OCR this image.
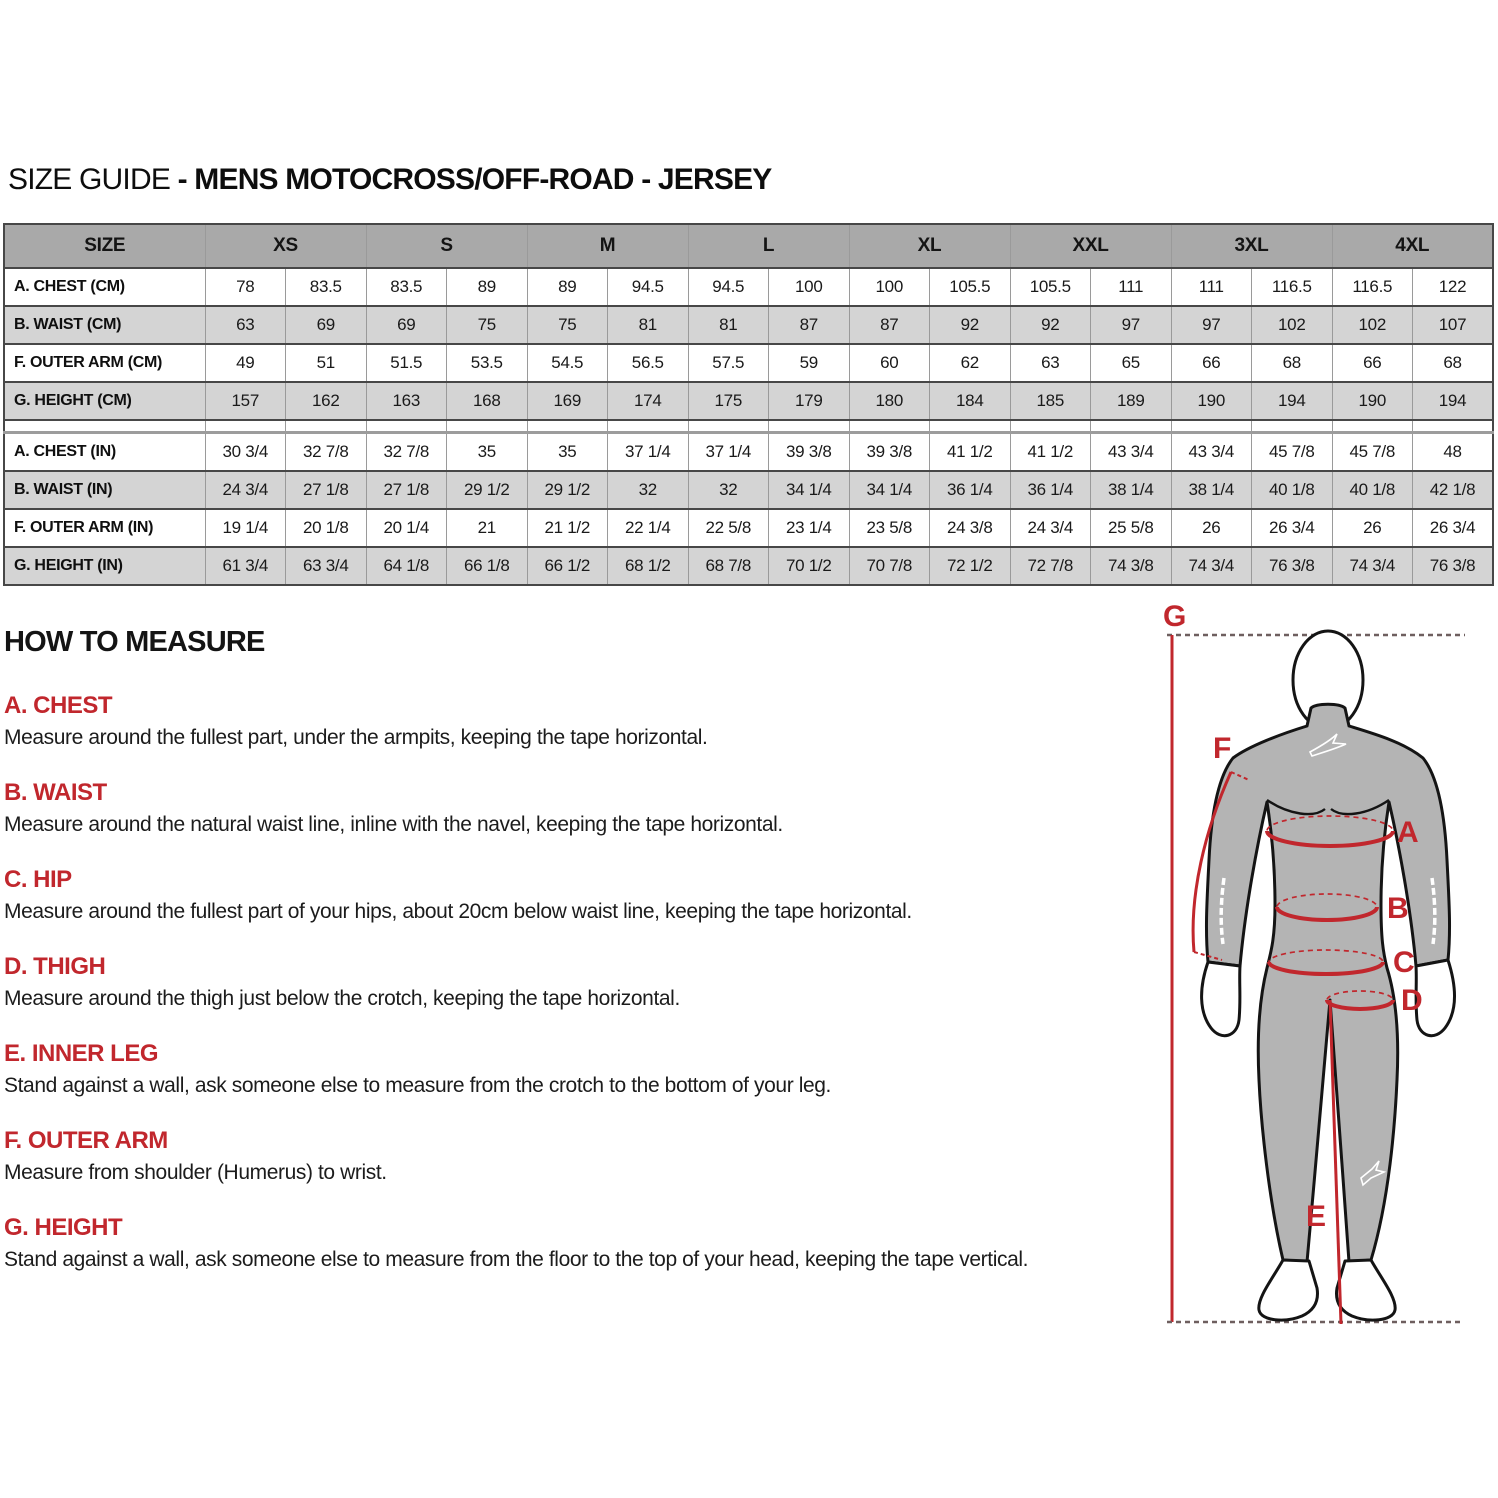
SIZE GUIDE - MENS MOTOCROSS/OFF-ROAD - JERSEY
SIZE	XS		S		M		L		XL		XXL		3XL		4XL	
A. CHEST (CM)	78	83.5	83.5	89	89	94.5	94.5	100	100	105.5	105.5	111	111	116.5	116.5	122
B. WAIST (CM)	63	69	69	75	75	81	81	87	87	92	92	97	97	102	102	107
F. OUTER ARM (CM)	49	51	51.5	53.5	54.5	56.5	57.5	59	60	62	63	65	66	68	66	68
G. HEIGHT (CM)	157	162	163	168	169	174	175	179	180	184	185	189	190	194	190	194

A. CHEST (IN)	30 3/4	32 7/8	32 7/8	35	35	37 1/4	37 1/4	39 3/8	39 3/8	41 1/2	41 1/2	43 3/4	43 3/4	45 7/8	45 7/8	48
B. WAIST (IN)	24 3/4	27 1/8	27 1/8	29 1/2	29 1/2	32	32	34 1/4	34 1/4	36 1/4	36 1/4	38 1/4	38 1/4	40 1/8	40 1/8	42 1/8
F. OUTER ARM (IN)	19 1/4	20 1/8	20 1/4	21	21 1/2	22 1/4	22 5/8	23 1/4	23 5/8	24 3/8	24 3/4	25 5/8	26	26 3/4	26	26 3/4
G. HEIGHT (IN)	61 3/4	63 3/4	64 1/8	66 1/8	66 1/2	68 1/2	68 7/8	70 1/2	70 7/8	72 1/2	72 7/8	74 3/8	74 3/4	76 3/8	74 3/4	76 3/8
HOW TO MEASURE
A. CHEST

Measure around the fullest part, under the armpits, keeping the tape horizontal.

B. WAIST

Measure around the natural waist line, inline with the navel, keeping the tape horizontal.

C. HIP

Measure around the fullest part of your hips, about 20cm below waist line, keeping the tape horizontal.

D. THIGH

Measure around the thigh just below the crotch, keeping the tape horizontal.

E. INNER LEG

Stand against a wall, ask someone else to measure from the crotch to the bottom of your leg.

F. OUTER ARM

Measure from shoulder (Humerus) to wrist.

G. HEIGHT

Stand against a wall, ask someone else to measure from the floor to the top of your head, keeping the tape vertical.

G
A
B
C
D
E
F
